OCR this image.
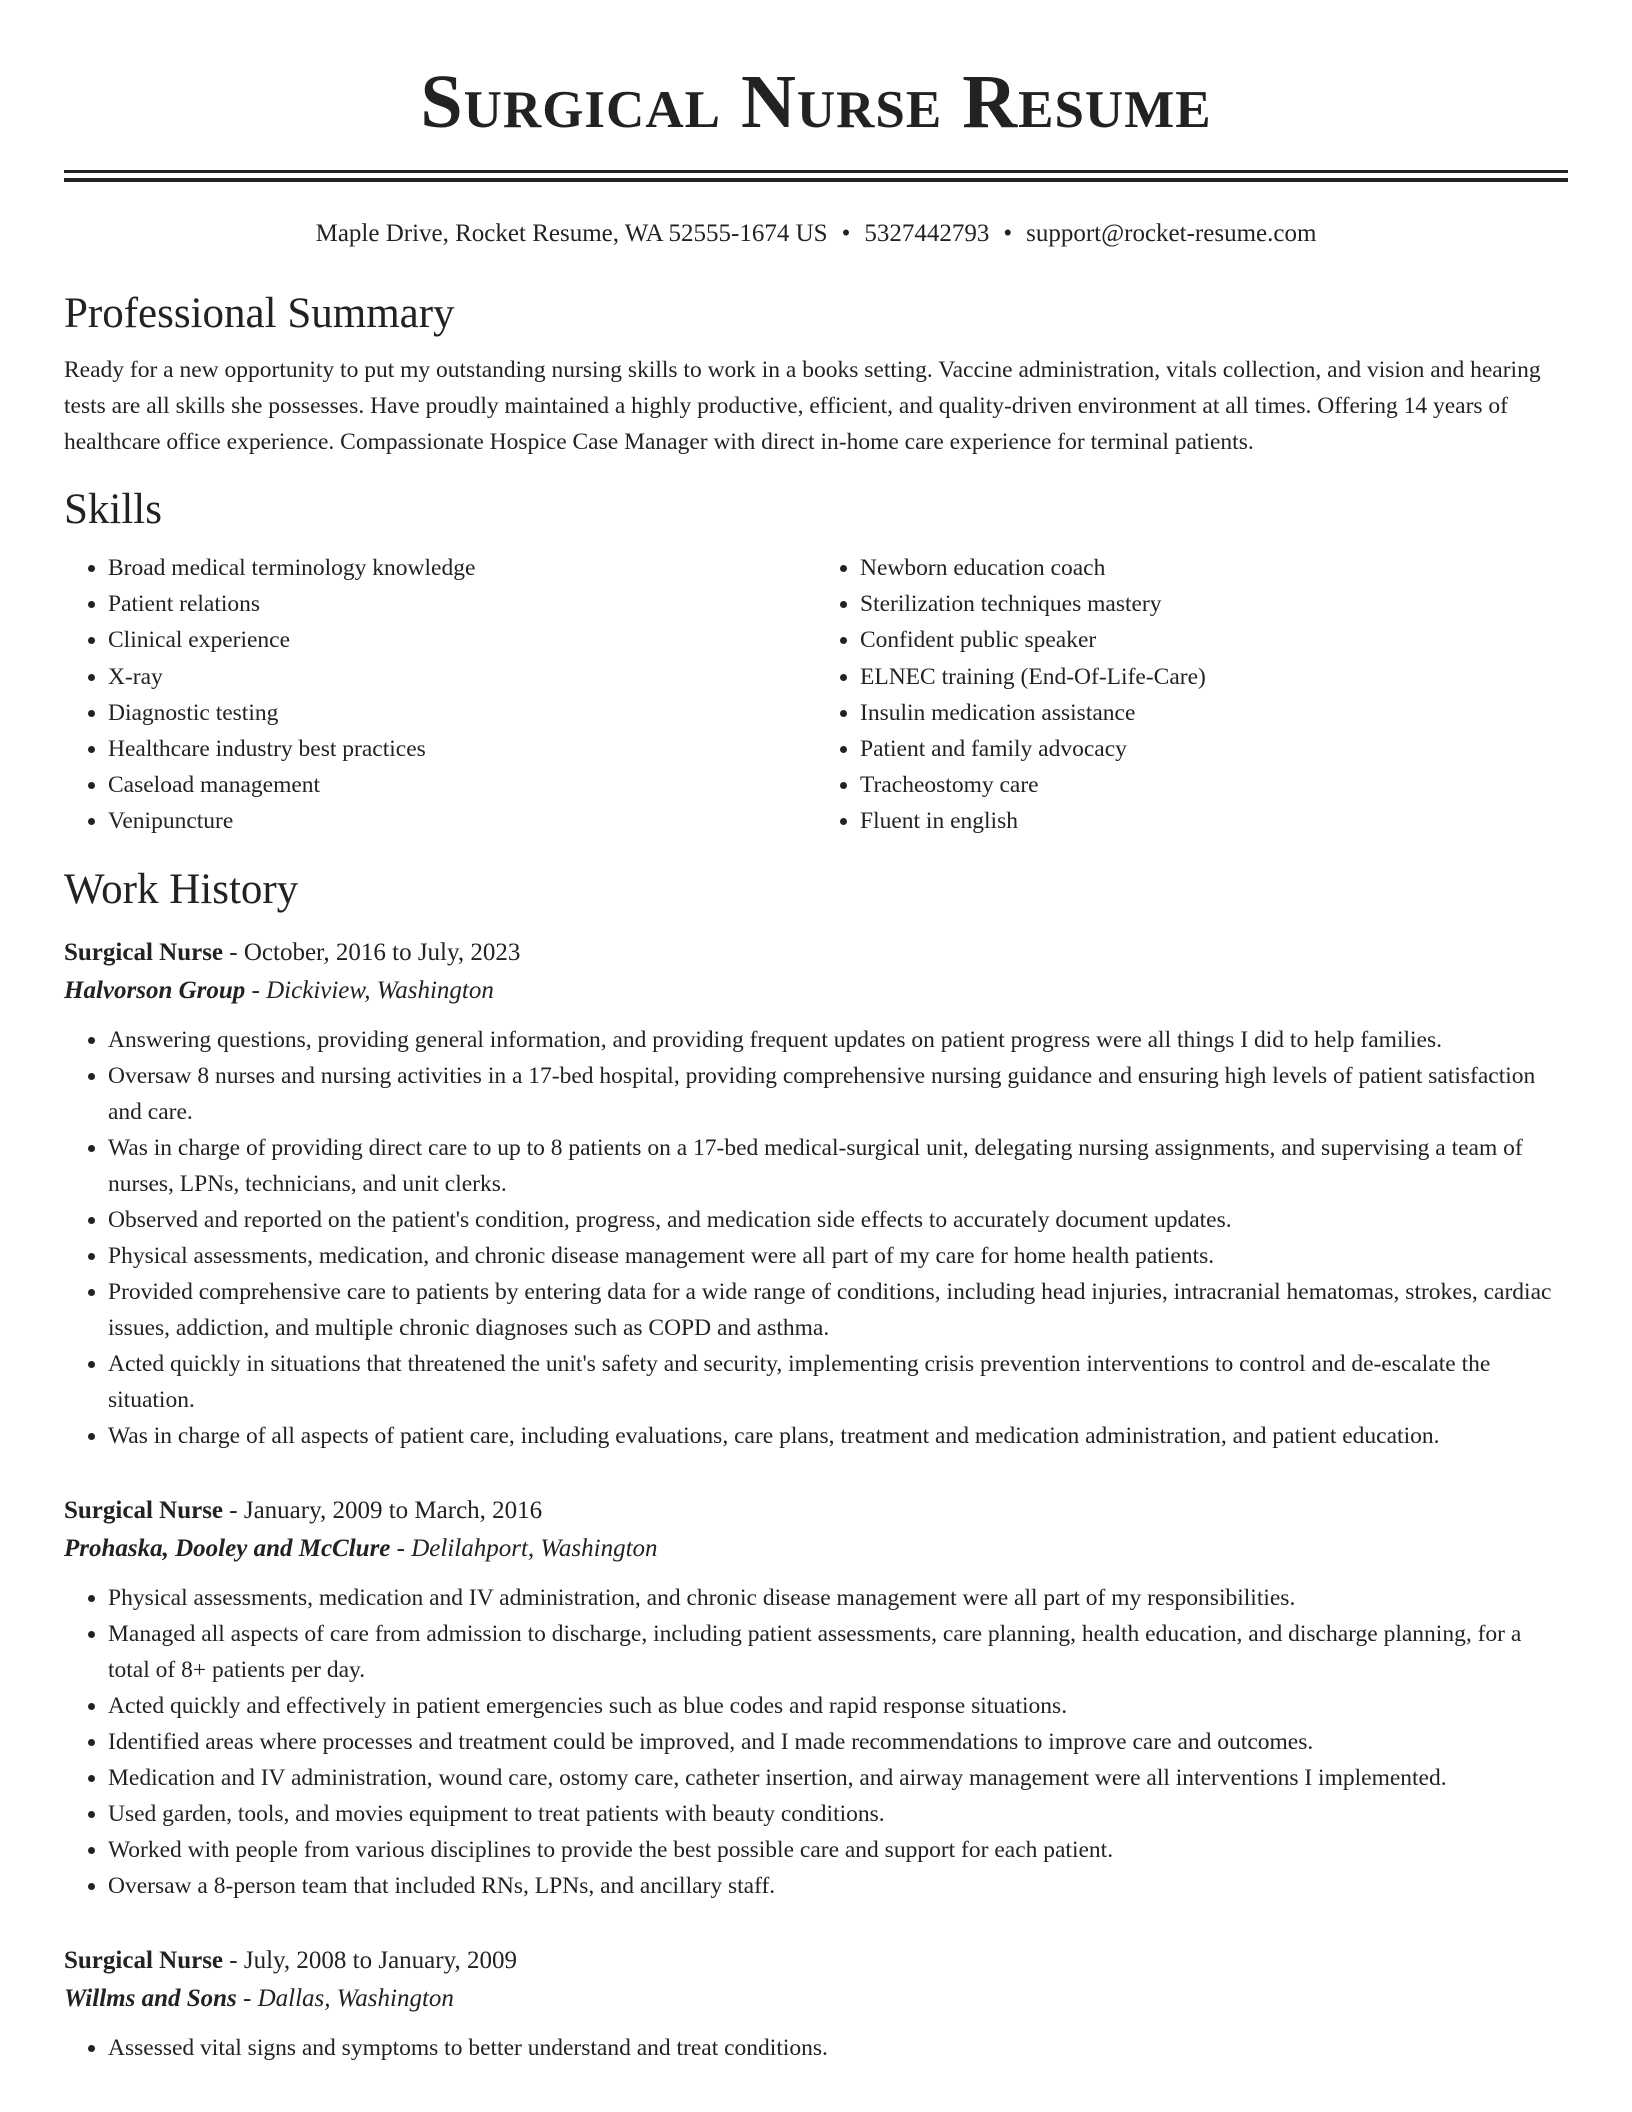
Surgical Nurse Resume
Maple Drive, Rocket Resume, WA 52555-1674 US • 5327442793 • support@rocket-resume.com
Professional Summary

Ready for a new opportunity to put my outstanding nursing skills to work in a books setting. Vaccine administration, vitals collection, and vision and hearing tests are all skills she possesses. Have proudly maintained a highly productive, efficient, and quality-driven environment at all times. Offering 14 years of healthcare office experience. Compassionate Hospice Case Manager with direct in-home care experience for terminal patients.

Skills
• Broad medical terminology knowledge
• Patient relations
• Clinical experience
• X-ray
• Diagnostic testing
• Healthcare industry best practices
• Caseload management
• Venipuncture
• Newborn education coach
• Sterilization techniques mastery
• Confident public speaker
• ELNEC training (End-Of-Life-Care)
• Insulin medication assistance
• Patient and family advocacy
• Tracheostomy care
• Fluent in english
Work History
Surgical Nurse - October, 2016 to July, 2023
Halvorson Group - Dickiview, Washington
• Answering questions, providing general information, and providing frequent updates on patient progress were all things I did to help families.
• Oversaw 8 nurses and nursing activities in a 17-bed hospital, providing comprehensive nursing guidance and ensuring high levels of patient satisfaction and care.
• Was in charge of providing direct care to up to 8 patients on a 17-bed medical-surgical unit, delegating nursing assignments, and supervising a team of nurses, LPNs, technicians, and unit clerks.
• Observed and reported on the patient's condition, progress, and medication side effects to accurately document updates.
• Physical assessments, medication, and chronic disease management were all part of my care for home health patients.
• Provided comprehensive care to patients by entering data for a wide range of conditions, including head injuries, intracranial hematomas, strokes, cardiac issues, addiction, and multiple chronic diagnoses such as COPD and asthma.
• Acted quickly in situations that threatened the unit's safety and security, implementing crisis prevention interventions to control and de-escalate the situation.
• Was in charge of all aspects of patient care, including evaluations, care plans, treatment and medication administration, and patient education.
Surgical Nurse - January, 2009 to March, 2016
Prohaska, Dooley and McClure - Delilahport, Washington
• Physical assessments, medication and IV administration, and chronic disease management were all part of my responsibilities.
• Managed all aspects of care from admission to discharge, including patient assessments, care planning, health education, and discharge planning, for a total of 8+ patients per day.
• Acted quickly and effectively in patient emergencies such as blue codes and rapid response situations.
• Identified areas where processes and treatment could be improved, and I made recommendations to improve care and outcomes.
• Medication and IV administration, wound care, ostomy care, catheter insertion, and airway management were all interventions I implemented.
• Used garden, tools, and movies equipment to treat patients with beauty conditions.
• Worked with people from various disciplines to provide the best possible care and support for each patient.
• Oversaw a 8-person team that included RNs, LPNs, and ancillary staff.
Surgical Nurse - July, 2008 to January, 2009
Willms and Sons - Dallas, Washington
• Assessed vital signs and symptoms to better understand and treat conditions.
